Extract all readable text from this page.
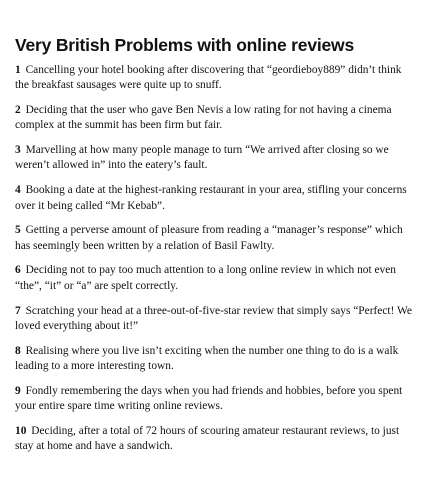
Very British Problems with online reviews

1 Cancelling your hotel booking after discovering that “geordieboy889” didn’t think the breakfast sausages were quite up to snuff.

2 Deciding that the user who gave Ben Nevis a low rating for not having a cinema complex at the summit has been firm but fair.

3 Marvelling at how many people manage to turn “We arrived after closing so we weren’t allowed in” into the eatery’s fault.

4 Booking a date at the highest-ranking restaurant in your area, stifling your concerns over it being called “Mr Kebab”.

5 Getting a perverse amount of pleasure from reading a “manager’s response” which has seemingly been written by a relation of Basil Fawlty.

6 Deciding not to pay too much attention to a long online review in which not even “the”, “it” or “a” are spelt correctly.

7 Scratching your head at a three-out-of-five-star review that simply says “Perfect! We loved everything about it!”

8 Realising where you live isn’t exciting when the number one thing to do is a walk leading to a more interesting town.

9 Fondly remembering the days when you had friends and hobbies, before you spent your entire spare time writing online reviews.

10 Deciding, after a total of 72 hours of scouring amateur restaurant reviews, to just stay at home and have a sandwich.
